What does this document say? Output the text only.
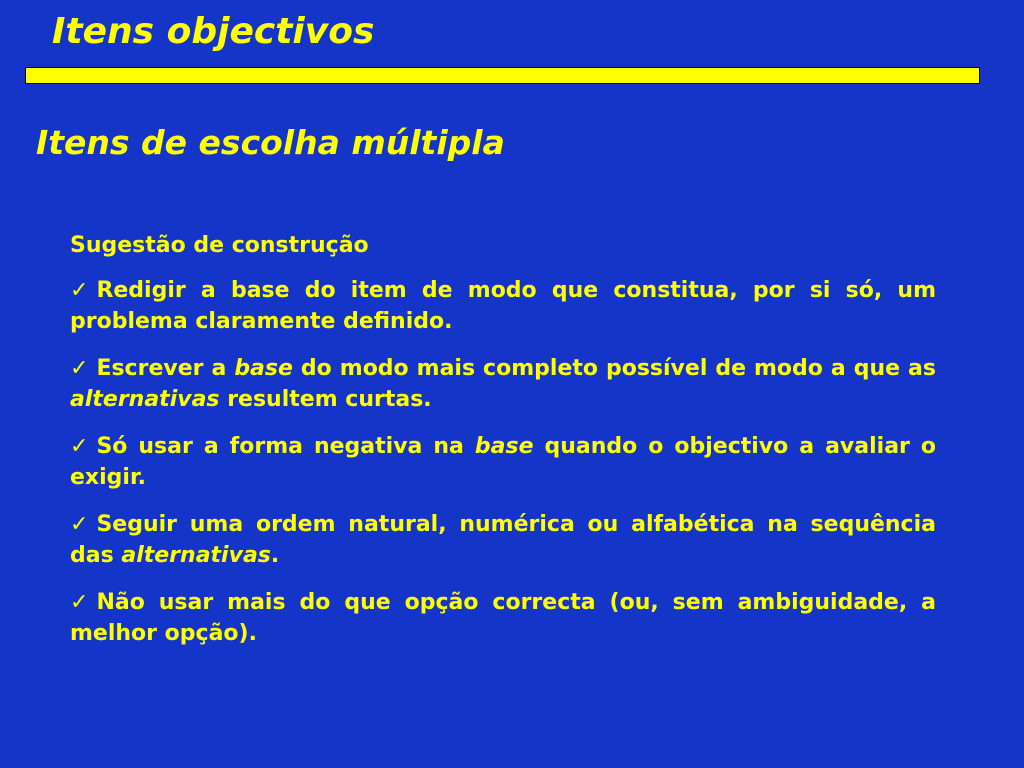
Itens objectivos
Itens de escolha múltipla

Sugestão de construção

✓ Redigir a base do item de modo que constitua, por si só, um problema claramente definido.

✓ Escrever a base do modo mais completo possível de modo a que as alternativas resultem curtas.

✓ Só usar a forma negativa na base quando o objectivo a avaliar o exigir.

✓ Seguir uma ordem natural, numérica ou alfabética na sequência das alternativas.

✓ Não usar mais do que opção correcta (ou, sem ambiguidade, a melhor opção).
